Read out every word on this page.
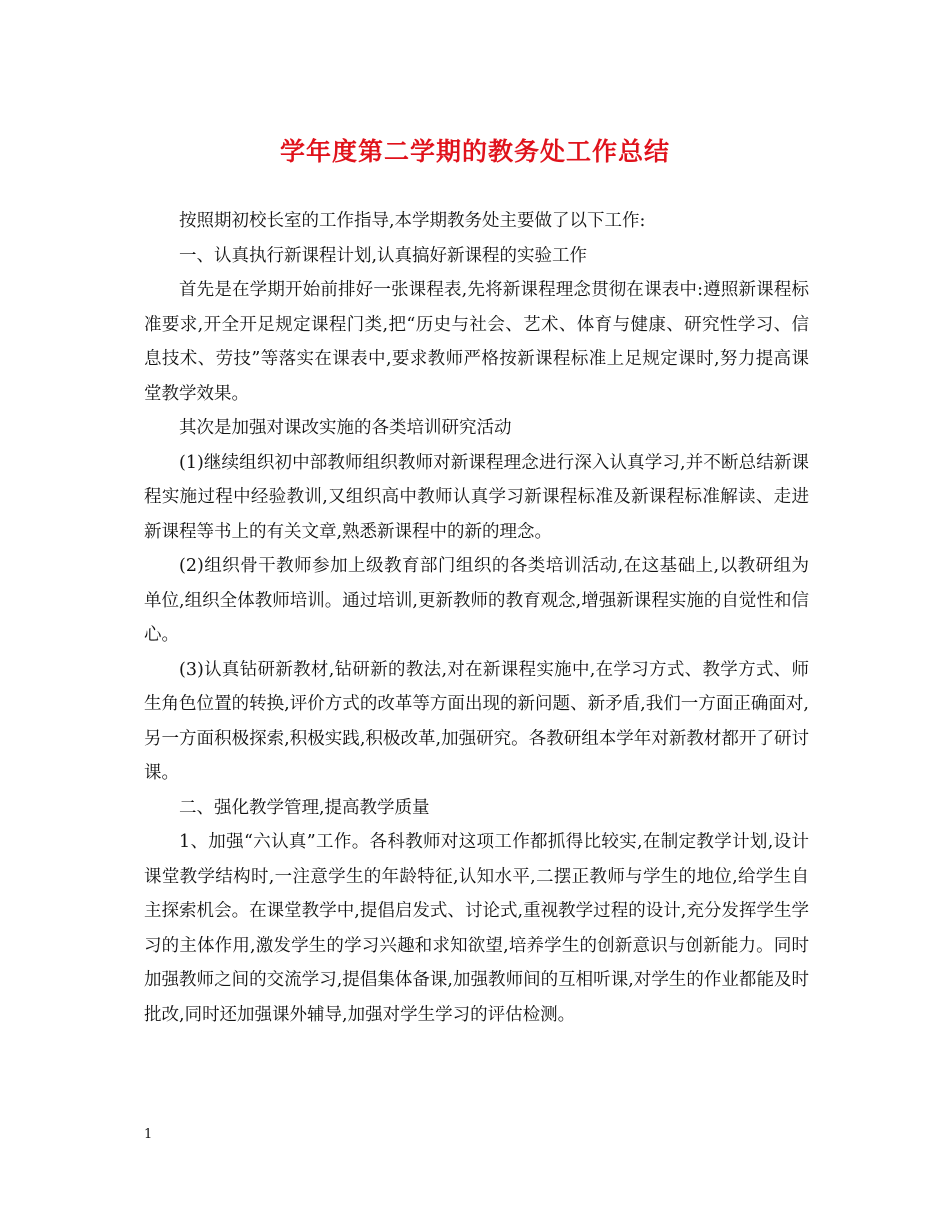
学年度第二学期的教务处工作总结

按照期初校长室的工作指导,本学期教务处主要做了以下工作:

一、认真执行新课程计划,认真搞好新课程的实验工作

首先是在学期开始前排好一张课程表,先将新课程理念贯彻在课表中:遵照新课程标准要求,开全开足规定课程门类,把“历史与社会、艺术、体育与健康、研究性学习、信息技术、劳技”等落实在课表中,要求教师严格按新课程标准上足规定课时,努力提高课堂教学效果。

其次是加强对课改实施的各类培训研究活动

(1)继续组织初中部教师组织教师对新课程理念进行深入认真学习,并不断总结新课程实施过程中经验教训,又组织高中教师认真学习新课程标准及新课程标准解读、走进新课程等书上的有关文章,熟悉新课程中的新的理念。

(2)组织骨干教师参加上级教育部门组织的各类培训活动,在这基础上,以教研组为单位,组织全体教师培训。通过培训,更新教师的教育观念,增强新课程实施的自觉性和信心。

(3)认真钻研新教材,钻研新的教法,对在新课程实施中,在学习方式、教学方式、师生角色位置的转换,评价方式的改革等方面出现的新问题、新矛盾,我们一方面正确面对,另一方面积极探索,积极实践,积极改革,加强研究。各教研组本学年对新教材都开了研讨课。

二、强化教学管理,提高教学质量

1、加强“六认真”工作。各科教师对这项工作都抓得比较实,在制定教学计划,设计课堂教学结构时,一注意学生的年龄特征,认知水平,二摆正教师与学生的地位,给学生自主探索机会。在课堂教学中,提倡启发式、讨论式,重视教学过程的设计,充分发挥学生学习的主体作用,激发学生的学习兴趣和求知欲望,培养学生的创新意识与创新能力。同时加强教师之间的交流学习,提倡集体备课,加强教师间的互相听课,对学生的作业都能及时批改,同时还加强课外辅导,加强对学生学习的评估检测。

1
